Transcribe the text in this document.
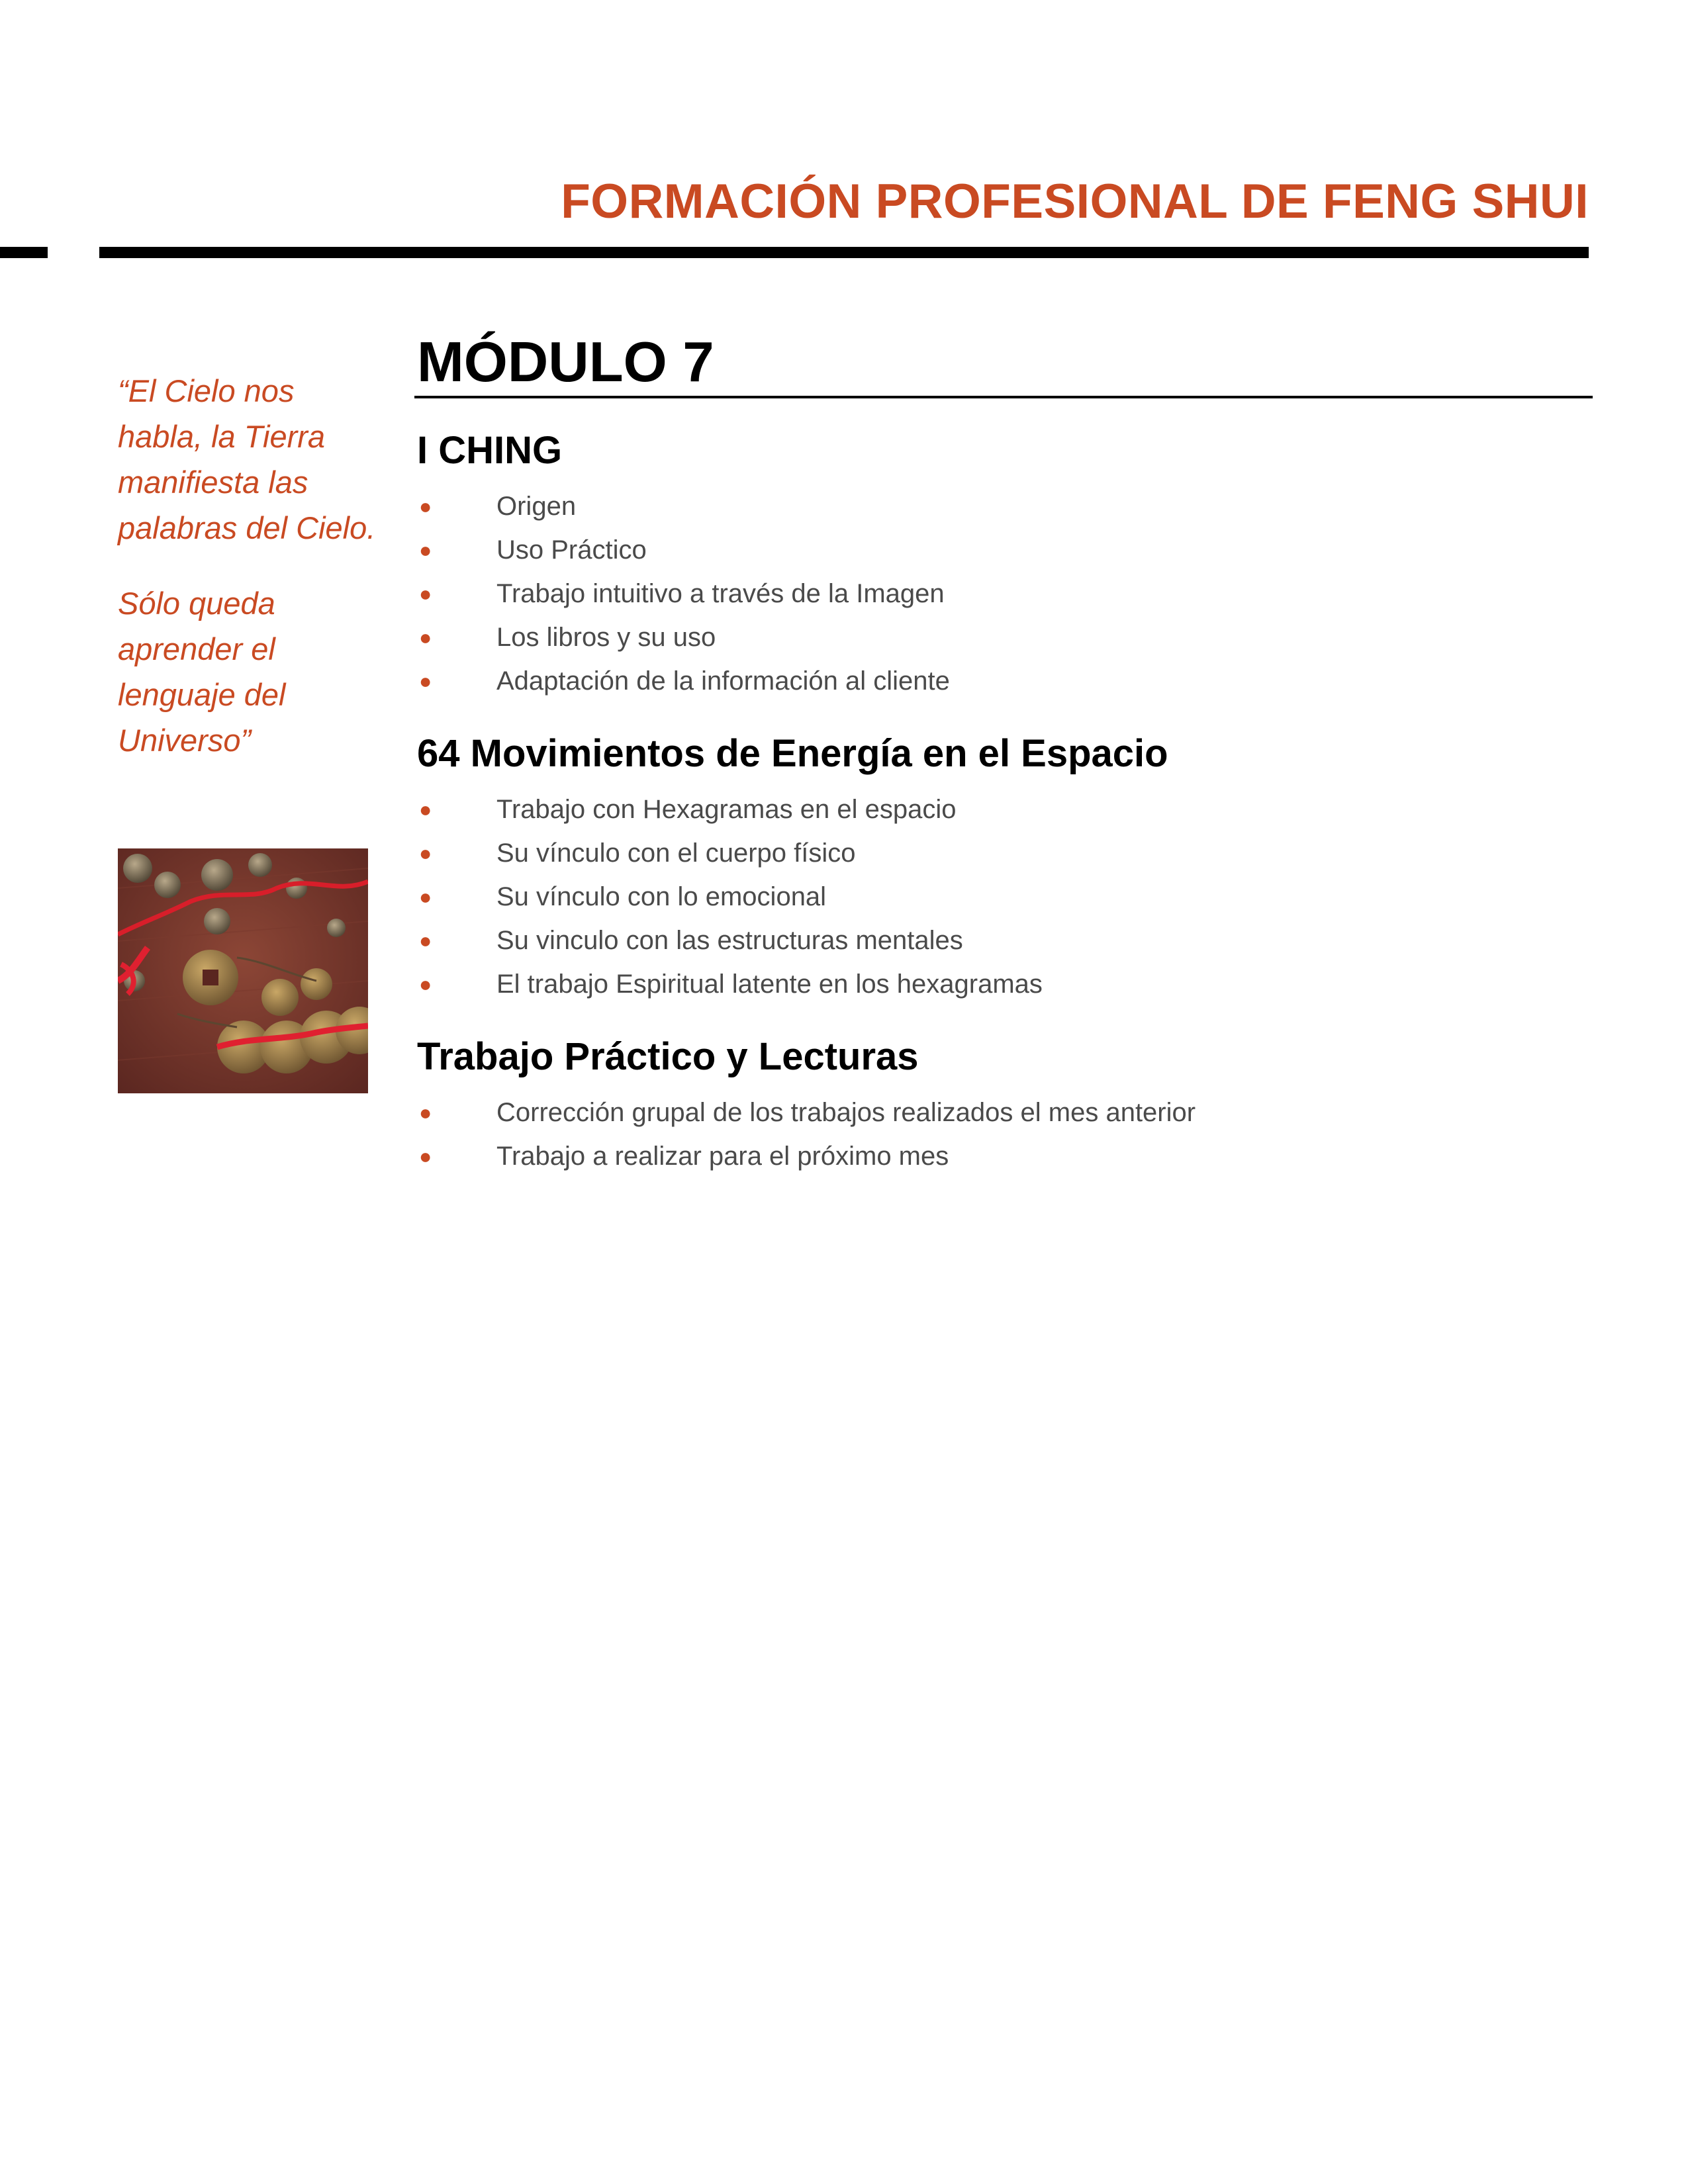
FORMACIÓN PROFESIONAL DE FENG SHUI

“El Cielo nos habla, la Tierra manifiesta las palabras del Cielo.

Sólo queda aprender el lenguaje del Universo”

MÓDULO 7
I CHING
● Origen
● Uso Práctico
● Trabajo intuitivo a través de la Imagen
● Los libros y su uso
● Adaptación de la información al cliente
64 Movimientos de Energía en el Espacio
● Trabajo con Hexagramas en el espacio
● Su vínculo con el cuerpo físico
● Su vínculo con lo emocional
● Su vinculo con las estructuras mentales
● El trabajo Espiritual latente en los hexagramas
Trabajo Práctico y Lecturas
● Corrección grupal de los trabajos realizados el mes anterior
● Trabajo a realizar para el próximo mes
